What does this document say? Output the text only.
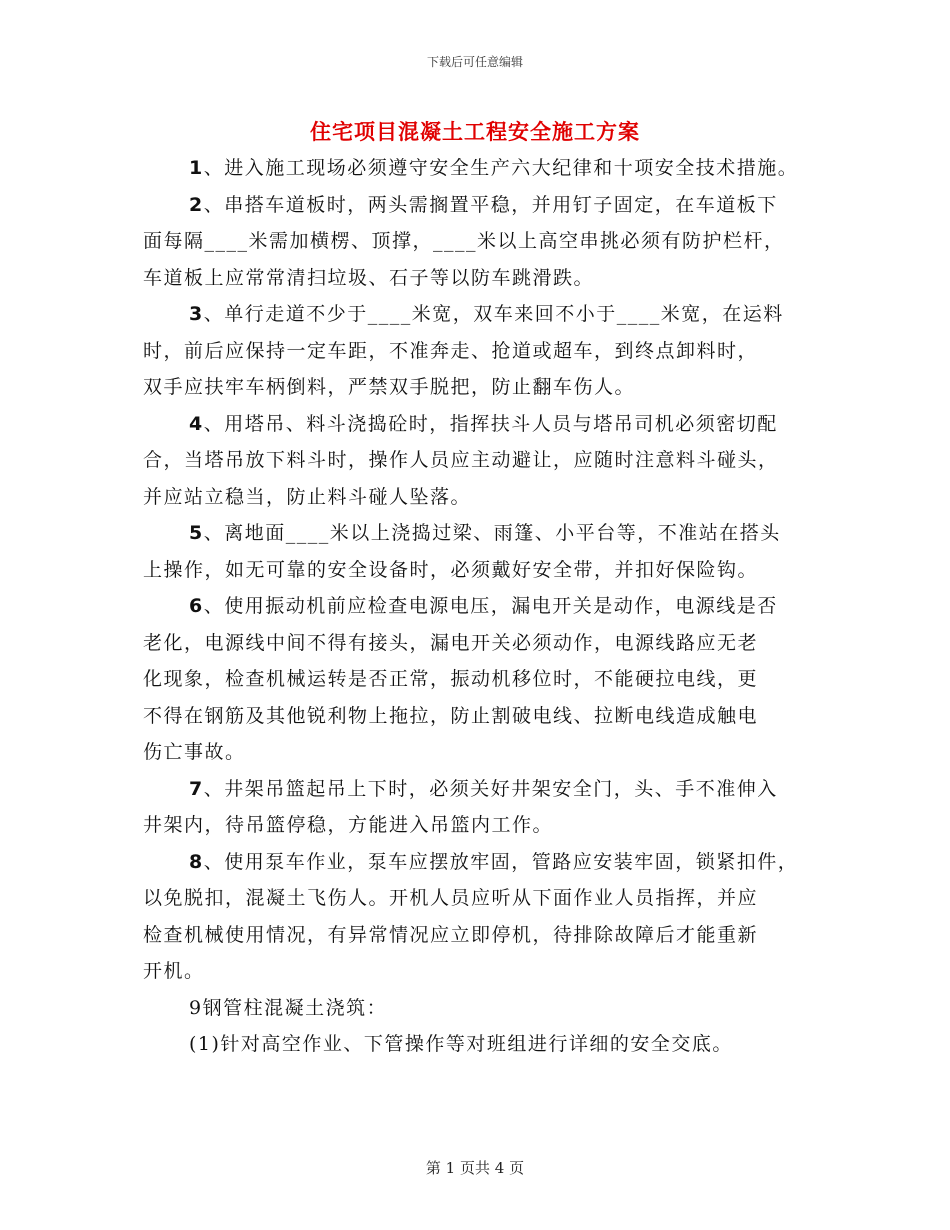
下载后可任意编辑
住宅项目混凝土工程安全施工方案

1、进入施工现场必须遵守安全生产六大纪律和十项安全技术措施。

2、串搭车道板时，两头需搁置平稳，并用钉子固定，在车道板下
面每隔____米需加横楞、顶撑，____米以上高空串挑必须有防护栏杆，
车道板上应常常清扫垃圾、石子等以防车跳滑跌。

3、单行走道不少于____米宽，双车来回不小于____米宽，在运料
时，前后应保持一定车距，不准奔走、抢道或超车，到终点卸料时，
双手应扶牢车柄倒料，严禁双手脱把，防止翻车伤人。

4、用塔吊、料斗浇捣砼时，指挥扶斗人员与塔吊司机必须密切配
合，当塔吊放下料斗时，操作人员应主动避让，应随时注意料斗碰头，
并应站立稳当，防止料斗碰人坠落。

5、离地面____米以上浇捣过梁、雨篷、小平台等，不准站在搭头
上操作，如无可靠的安全设备时，必须戴好安全带，并扣好保险钩。

6、使用振动机前应检查电源电压，漏电开关是动作，电源线是否
老化，电源线中间不得有接头，漏电开关必须动作，电源线路应无老
化现象，检查机械运转是否正常，振动机移位时，不能硬拉电线，更
不得在钢筋及其他锐利物上拖拉，防止割破电线、拉断电线造成触电
伤亡事故。

7、井架吊篮起吊上下时，必须关好井架安全门，头、手不准伸入
井架内，待吊篮停稳，方能进入吊篮内工作。

8、使用泵车作业，泵车应摆放牢固，管路应安装牢固，锁紧扣件，
以免脱扣，混凝土飞伤人。开机人员应听从下面作业人员指挥，并应
检查机械使用情况，有异常情况应立即停机，待排除故障后才能重新
开机。

9钢管柱混凝土浇筑：

(1)针对高空作业、下管操作等对班组进行详细的安全交底。

第 1 页共 4 页
